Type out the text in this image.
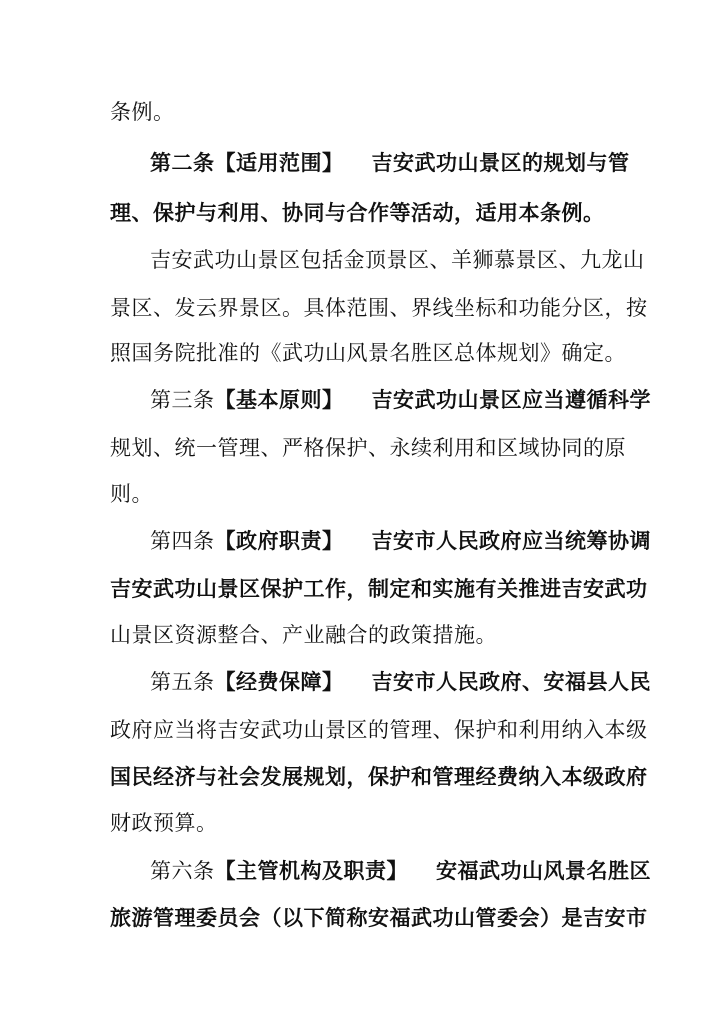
条例。
第二条【适用范围】 吉安武功山景区的规划与管
理、保护与利用、协同与合作等活动，适用本条例。
吉安武功山景区包括金顶景区、羊狮慕景区、九龙山
景区、发云界景区。具体范围、界线坐标和功能分区，按
照国务院批准的《武功山风景名胜区总体规划》确定。
第三条【基本原则】 吉安武功山景区应当遵循科学
规划、统一管理、严格保护、永续利用和区域协同的原
则。
第四条【政府职责】 吉安市人民政府应当统筹协调
吉安武功山景区保护工作，制定和实施有关推进吉安武功
山景区资源整合、产业融合的政策措施。
第五条【经费保障】 吉安市人民政府、安福县人民
政府应当将吉安武功山景区的管理、保护和利用纳入本级
国民经济与社会发展规划，保护和管理经费纳入本级政府
财政预算。
第六条【主管机构及职责】 安福武功山风景名胜区
旅游管理委员会（以下简称安福武功山管委会）是吉安市
